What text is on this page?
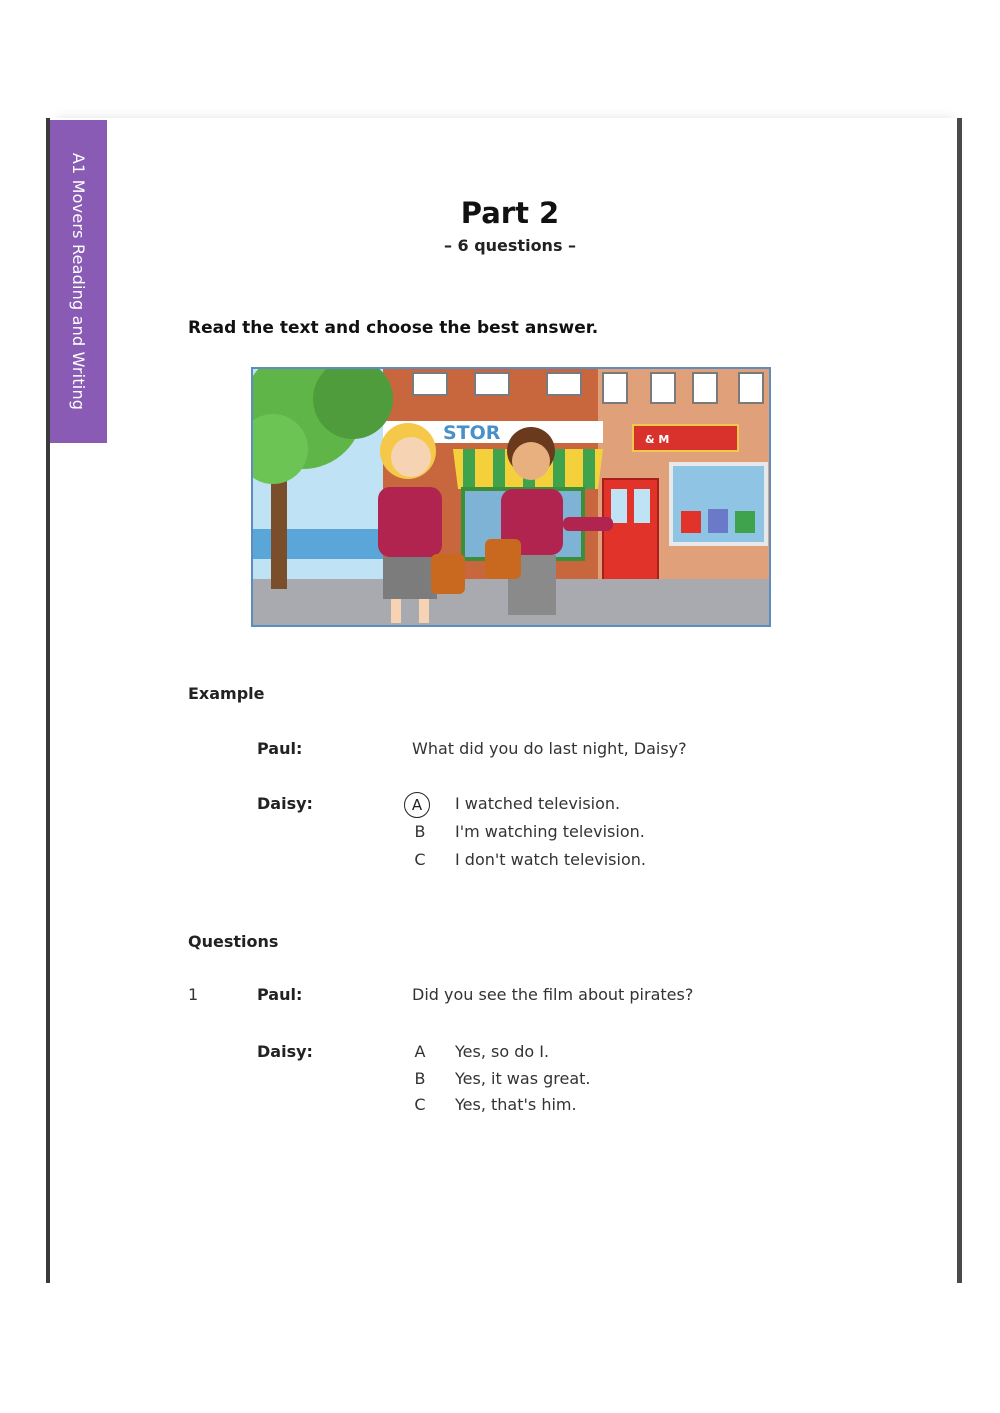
A1 Movers Reading and Writing	Part 2
– 6 questions –
Read the text and choose the best answer.
STOR	& M
Example
Paul:	What did you do last night, Daisy?
Daisy:	A I watched television.
B I'm watching television.
C I don't watch television.
Questions
1	Paul:	Did you see the film about pirates?
Daisy:	A Yes, so do I.
B Yes, it was great.
C Yes, that's him.
